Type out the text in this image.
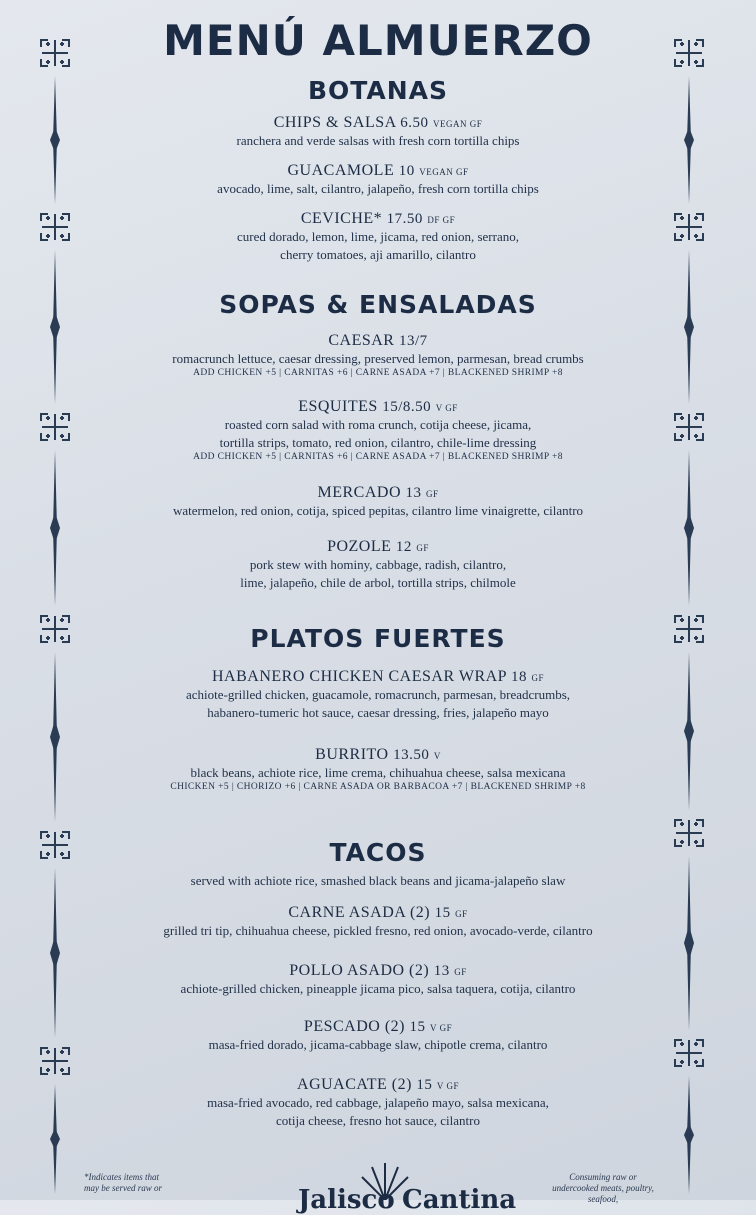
MENÚ ALMUERZO
BOTANAS
CHIPS & SALSA 6.50 VEGAN GF
ranchera and verde salsas with fresh corn tortilla chips
GUACAMOLE 10 VEGAN GF
avocado, lime, salt, cilantro, jalapeño, fresh corn tortilla chips
CEVICHE* 17.50 DF GF
cured dorado, lemon, lime, jicama, red onion, serrano,
cherry tomatoes, aji amarillo, cilantro
SOPAS & ENSALADAS
CAESAR 13/7
romacrunch lettuce, caesar dressing, preserved lemon, parmesan, bread crumbs
ADD CHICKEN +5 | CARNITAS +6 | CARNE ASADA +7 | BLACKENED SHRIMP +8
ESQUITES 15/8.50 V GF
roasted corn salad with roma crunch, cotija cheese, jicama,
tortilla strips, tomato, red onion, cilantro, chile-lime dressing
ADD CHICKEN +5 | CARNITAS +6 | CARNE ASADA +7 | BLACKENED SHRIMP +8
MERCADO 13 GF
watermelon, red onion, cotija, spiced pepitas, cilantro lime vinaigrette, cilantro
POZOLE 12 GF
pork stew with hominy, cabbage, radish, cilantro,
lime, jalapeño, chile de arbol, tortilla strips, chilmole
PLATOS FUERTES
HABANERO CHICKEN CAESAR WRAP 18 GF
achiote-grilled chicken, guacamole, romacrunch, parmesan, breadcrumbs,
habanero-tumeric hot sauce, caesar dressing, fries, jalapeño mayo
BURRITO 13.50 V
black beans, achiote rice, lime crema, chihuahua cheese, salsa mexicana
CHICKEN +5 | CHORIZO +6 | CARNE ASADA OR BARBACOA +7 | BLACKENED SHRIMP +8
TACOS
served with achiote rice, smashed black beans and jicama-jalapeño slaw
CARNE ASADA (2) 15 GF
grilled tri tip, chihuahua cheese, pickled fresno, red onion, avocado-verde, cilantro
POLLO ASADO (2) 13 GF
achiote-grilled chicken, pineapple jicama pico, salsa taquera, cotija, cilantro
PESCADO (2) 15 V GF
masa-fried dorado, jicama-cabbage slaw, chipotle crema, cilantro
AGUACATE (2) 15 V GF
masa-fried avocado, red cabbage, jalapeño mayo, salsa mexicana,
cotija cheese, fresno hot sauce, cilantro
*Indicates items that may be served raw or	Jalisco Cantina
Consuming raw or undercooked meats, poultry, seafood,
